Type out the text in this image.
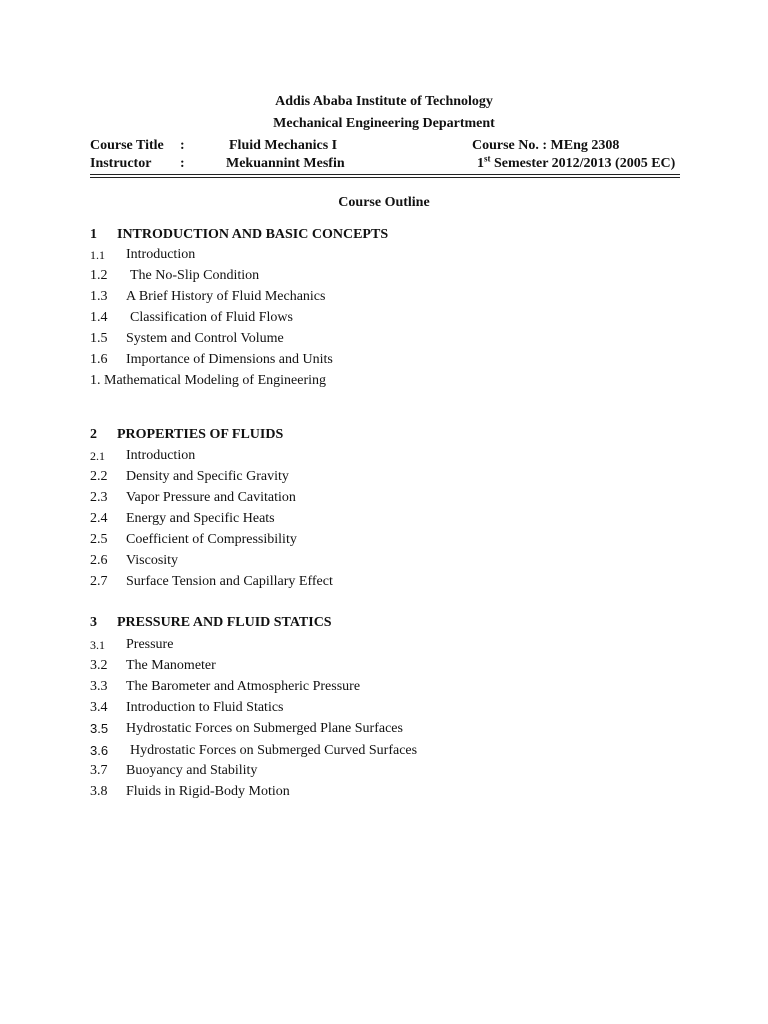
Addis Ababa Institute of Technology
Mechanical Engineering Department
Course Title :	Fluid Mechanics I	Course No. : MEng 2308
Instructor :	Mekuannint Mesfin	1st Semester 2012/2013 (2005 EC)
Course Outline
1 INTRODUCTION AND BASIC CONCEPTS
1.1 Introduction
1.2 The No-Slip Condition
1.3 A Brief History of Fluid Mechanics
1.4 Classification of Fluid Flows
1.5 System and Control Volume
1.6 Importance of Dimensions and Units
1. Mathematical Modeling of Engineering
2 PROPERTIES OF FLUIDS
2.1 Introduction
2.2 Density and Specific Gravity
2.3 Vapor Pressure and Cavitation
2.4 Energy and Specific Heats
2.5 Coefficient of Compressibility
2.6 Viscosity
2.7 Surface Tension and Capillary Effect
3 PRESSURE AND FLUID STATICS
3.1 Pressure
3.2 The Manometer
3.3 The Barometer and Atmospheric Pressure
3.4 Introduction to Fluid Statics
3.5 Hydrostatic Forces on Submerged Plane Surfaces
3.6 Hydrostatic Forces on Submerged Curved Surfaces
3.7 Buoyancy and Stability
3.8 Fluids in Rigid-Body Motion
